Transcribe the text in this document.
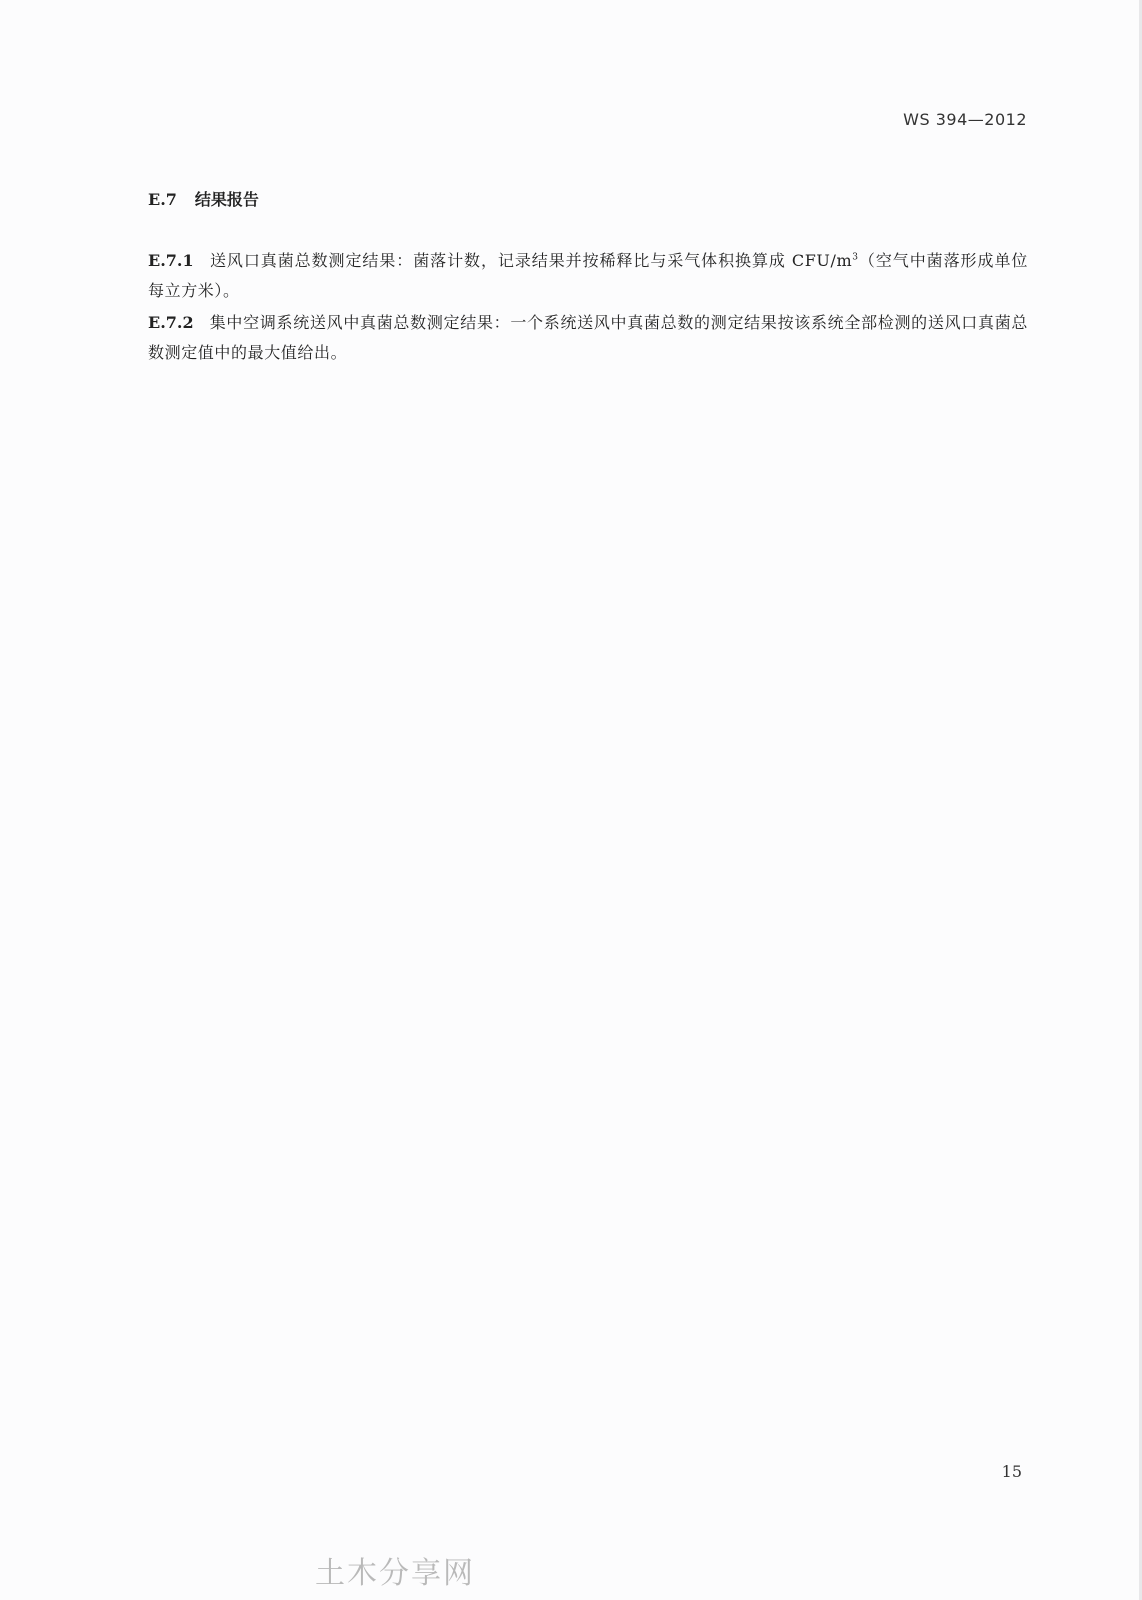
WS 394—2012
E.7 结果报告

E.7.1 送风口真菌总数测定结果：菌落计数，记录结果并按稀释比与采气体积换算成 CFU/$m^3$（空气中菌落形成单位每立方米）。

E.7.2 集中空调系统送风中真菌总数测定结果：一个系统送风中真菌总数的测定结果按该系统全部检测的送风口真菌总数测定值中的最大值给出。

15
土木分享网
